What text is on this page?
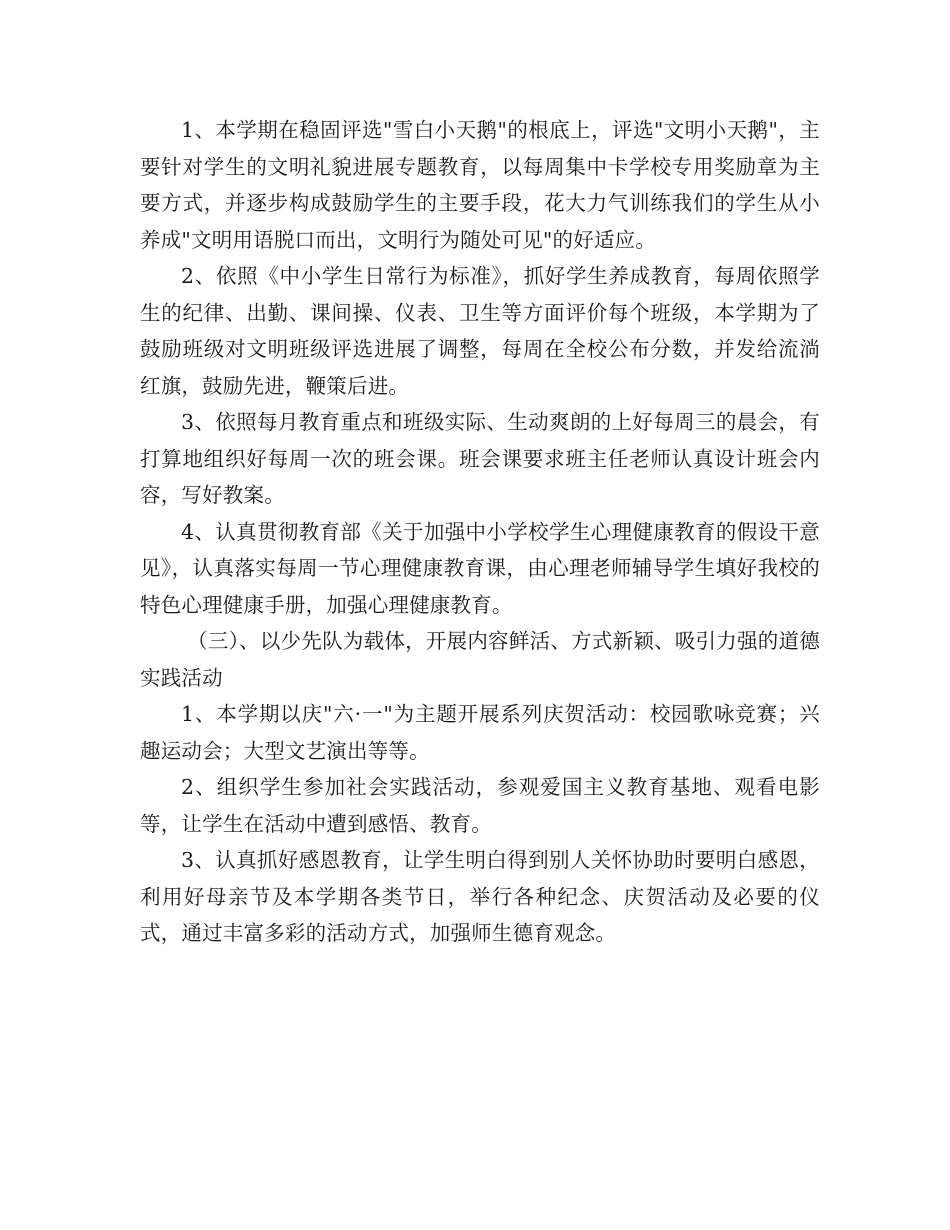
1、本学期在稳固评选"雪白小天鹅"的根底上，评选"文明小天鹅"，主要针对学生的文明礼貌进展专题教育，以每周集中卡学校专用奖励章为主要方式，并逐步构成鼓励学生的主要手段，花大力气训练我们的学生从小养成"文明用语脱口而出，文明行为随处可见"的好适应。

2、依照《中小学生日常行为标准》，抓好学生养成教育，每周依照学生的纪律、出勤、课间操、仪表、卫生等方面评价每个班级，本学期为了鼓励班级对文明班级评选进展了调整，每周在全校公布分数，并发给流淌红旗，鼓励先进，鞭策后进。

3、依照每月教育重点和班级实际、生动爽朗的上好每周三的晨会，有打算地组织好每周一次的班会课。班会课要求班主任老师认真设计班会内容，写好教案。

4、认真贯彻教育部《关于加强中小学校学生心理健康教育的假设干意见》，认真落实每周一节心理健康教育课，由心理老师辅导学生填好我校的特色心理健康手册，加强心理健康教育。

（三）、以少先队为载体，开展内容鲜活、方式新颖、吸引力强的道德实践活动

1、本学期以庆"六·一"为主题开展系列庆贺活动：校园歌咏竞赛；兴趣运动会；大型文艺演出等等。

2、组织学生参加社会实践活动，参观爱国主义教育基地、观看电影等，让学生在活动中遭到感悟、教育。

3、认真抓好感恩教育，让学生明白得到别人关怀协助时要明白感恩，利用好母亲节及本学期各类节日，举行各种纪念、庆贺活动及必要的仪式，通过丰富多彩的活动方式，加强师生德育观念。
